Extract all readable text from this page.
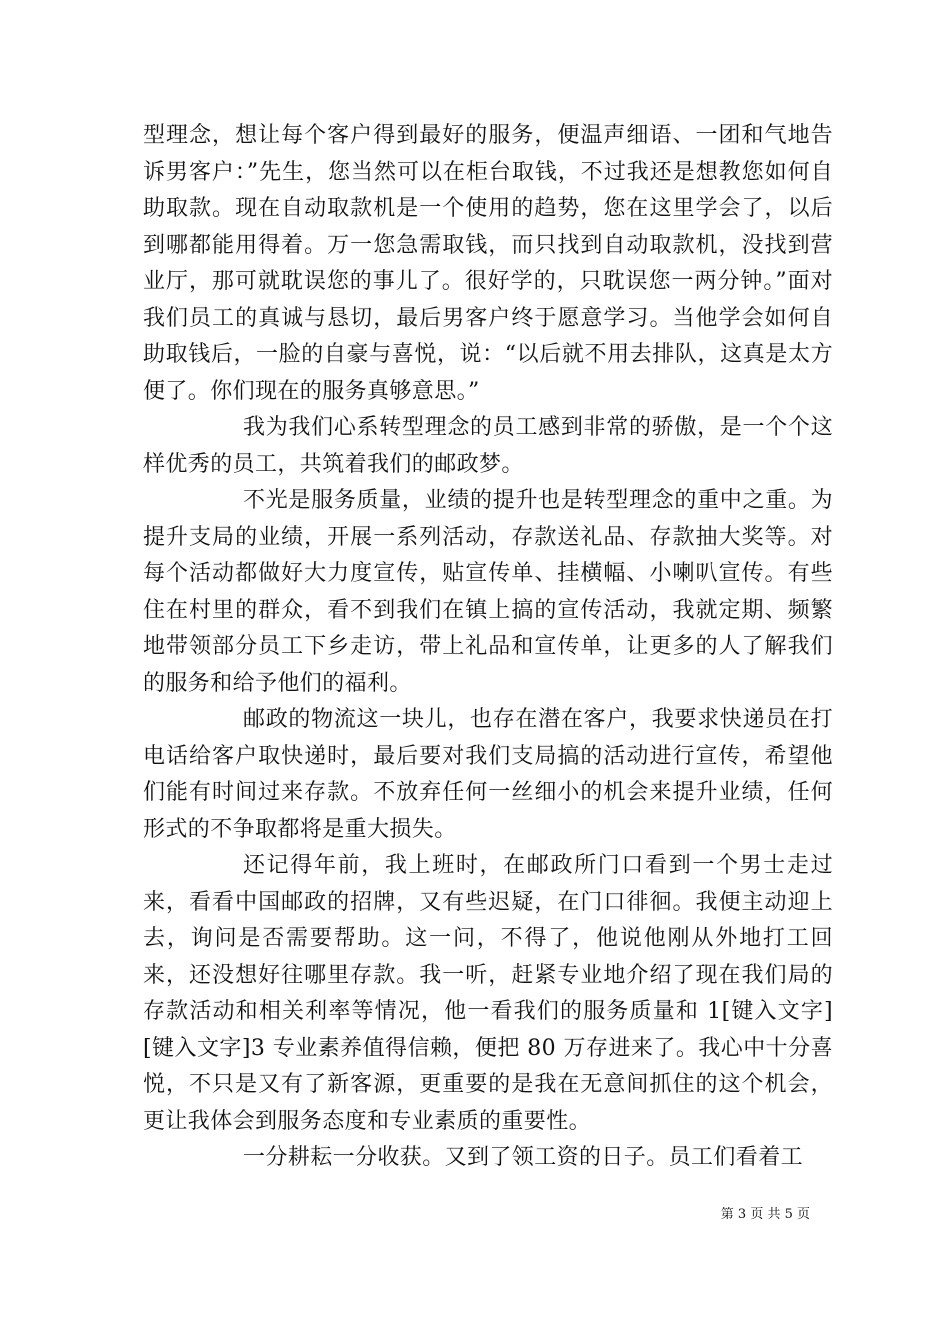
型理念，想让每个客户得到最好的服务，便温声细语、一团和气地告诉男客户：”先生，您当然可以在柜台取钱，不过我还是想教您如何自助取款。现在自动取款机是一个使用的趋势，您在这里学会了，以后到哪都能用得着。万一您急需取钱，而只找到自动取款机，没找到营业厅，那可就耽误您的事儿了。很好学的，只耽误您一两分钟。”面对我们员工的真诚与恳切，最后男客户终于愿意学习。当他学会如何自助取钱后，一脸的自豪与喜悦，说：“以后就不用去排队，这真是太方便了。你们现在的服务真够意思。”

我为我们心系转型理念的员工感到非常的骄傲，是一个个这样优秀的员工，共筑着我们的邮政梦。

不光是服务质量，业绩的提升也是转型理念的重中之重。为提升支局的业绩，开展一系列活动，存款送礼品、存款抽大奖等。对每个活动都做好大力度宣传，贴宣传单、挂横幅、小喇叭宣传。有些住在村里的群众，看不到我们在镇上搞的宣传活动，我就定期、频繁地带领部分员工下乡走访，带上礼品和宣传单，让更多的人了解我们的服务和给予他们的福利。

邮政的物流这一块儿，也存在潜在客户，我要求快递员在打电话给客户取快递时，最后要对我们支局搞的活动进行宣传，希望他们能有时间过来存款。不放弃任何一丝细小的机会来提升业绩，任何形式的不争取都将是重大损失。

还记得年前，我上班时，在邮政所门口看到一个男士走过来，看看中国邮政的招牌，又有些迟疑，在门口徘徊。我便主动迎上去，询问是否需要帮助。这一问，不得了，他说他刚从外地打工回来，还没想好往哪里存款。我一听，赶紧专业地介绍了现在我们局的存款活动和相关利率等情况，他一看我们的服务质量和 1[键入文字][键入文字]3 专业素养值得信赖，便把 80 万存进来了。我心中十分喜悦，不只是又有了新客源，更重要的是我在无意间抓住的这个机会，更让我体会到服务态度和专业素质的重要性。

一分耕耘一分收获。又到了领工资的日子。员工们看着工

第 3 页 共 5 页
